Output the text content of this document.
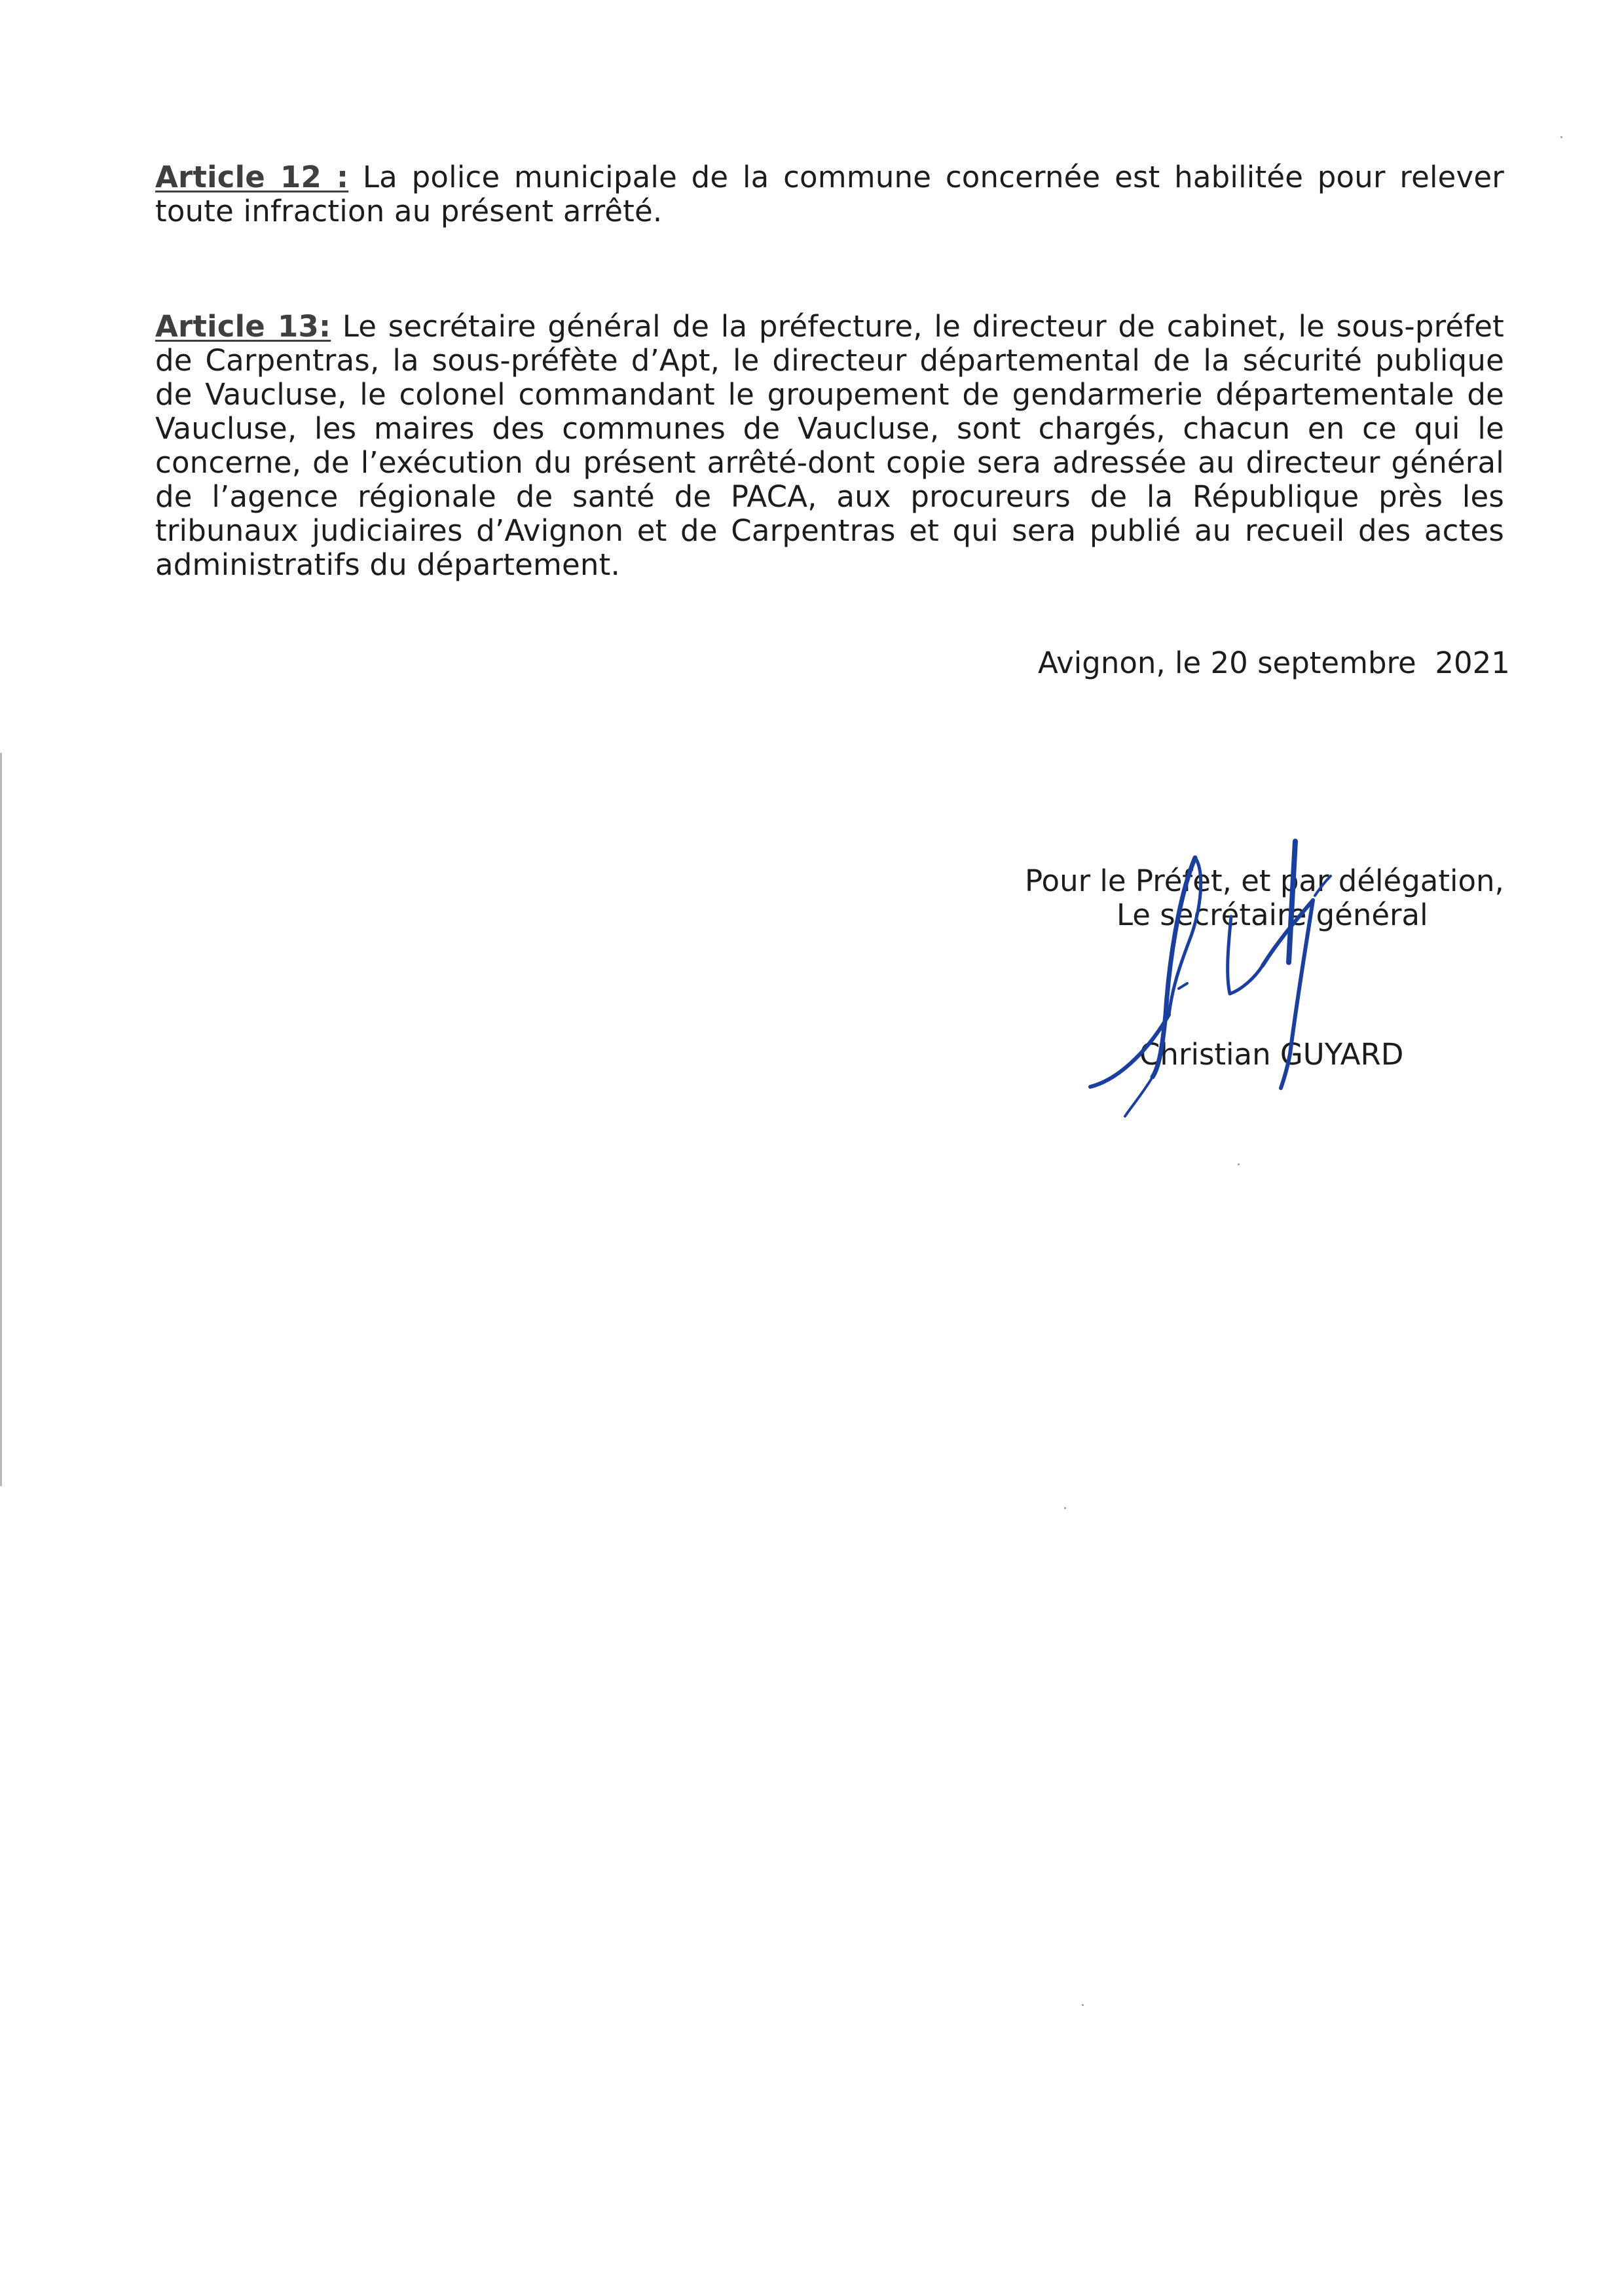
Article 12 : La police municipale de la commune concernée est habilitée pour relever toute infraction au présent arrêté.

Article 13: Le secrétaire général de la préfecture, le directeur de cabinet, le sous-préfet de Carpentras, la sous-préfète d’Apt, le directeur départemental de la sécurité publique de Vaucluse, le colonel commandant le groupement de gendarmerie départementale de Vaucluse, les maires des communes de Vaucluse, sont chargés, chacun en ce qui le concerne, de l’exécution du présent arrêté-dont copie sera adressée au directeur général de l’agence régionale de santé de PACA, aux procureurs de la République près les tribunaux judiciaires d’Avignon et de Carpentras et qui sera publié au recueil des actes administratifs du département.

Avignon, le 20 septembre  2021
Pour le Préfet, et par délégation,
Le secrétaire général
Christian GUYARD
